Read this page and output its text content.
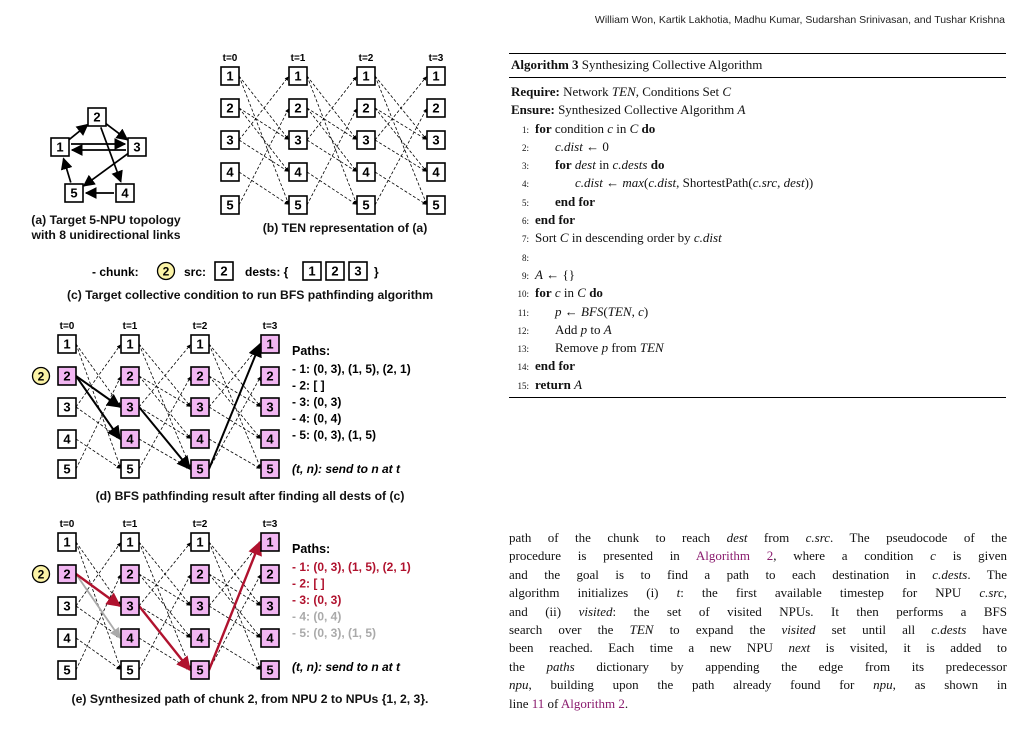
William Won, Kartik Lakhotia, Madhu Kumar, Sudarshan Srinivasan, and Tushar Krishna
1
2
3
4
5
t=0	t=1	t=2	t=3
1
2
3
4
5
1
2
3
4
5
1
2
3
4
5
1
2
3
4
5
- chunk: 2 src: 2 dests: { 1 2 3 }
t=0	t=1	t=2	t=3
1
2
3
4
5
1
2
3
4
5
1
2
3
4
5
1
2
3
4
5
2
Paths:
- 1: (0, 3), (1, 5), (2, 1)
- 2: [ ]
- 3: (0, 3)
- 4: (0, 4)
- 5: (0, 3), (1, 5)
(t, n): send to n at t
t=0	t=1	t=2	t=3
1
2
3
4
5
1
2
3
4
5
1
2
3
4
5
1
2
3
4
5
2
Paths:
- 1: (0, 3), (1, 5), (2, 1)
- 2: [ ]
- 3: (0, 3)
- 4: (0, 4)
- 5: (0, 3), (1, 5)
(t, n): send to n at t
(a) Target 5-NPU topology
with 8 unidirectional links	(b) TEN representation of (a)
(c) Target collective condition to run BFS pathfinding algorithm
(d) BFS pathfinding result after finding all dests of (c)
(e) Synthesized path of chunk 2, from NPU 2 to NPUs {1, 2, 3}.
Algorithm 3 Synthesizing Collective Algorithm
Require: Network TEN, Conditions Set C
Ensure: Synthesized Collective Algorithm A
1: for condition c in C do
2: c.dist ← 0
3: for dest in c.dests do
4:	c.dist ← max(c.dist, ShortestPath(c.src, dest))
5: end for
6: end for
7: Sort C in descending order by c.dist
8:
9: A ← {}
10: for c in C do
11: p ← BFS(TEN, c)
12: Add p to A
13: Remove p from TEN
14: end for
15: return A
path of the chunk to reach dest from c.src. The pseudocode of the
procedure is presented in Algorithm 2, where a condition c is given
and the goal is to find a path to each destination in c.dests. The
algorithm initializes (i) t: the first available timestep for NPU c.src,
and (ii) visited: the set of visited NPUs. It then performs a BFS
search over the TEN to expand the visited set until all c.dests have
been reached. Each time a new NPU next is visited, it is added to
the paths dictionary by appending the edge from its predecessor
npu, building upon the path already found for npu, as shown in
line 11 of Algorithm 2.
